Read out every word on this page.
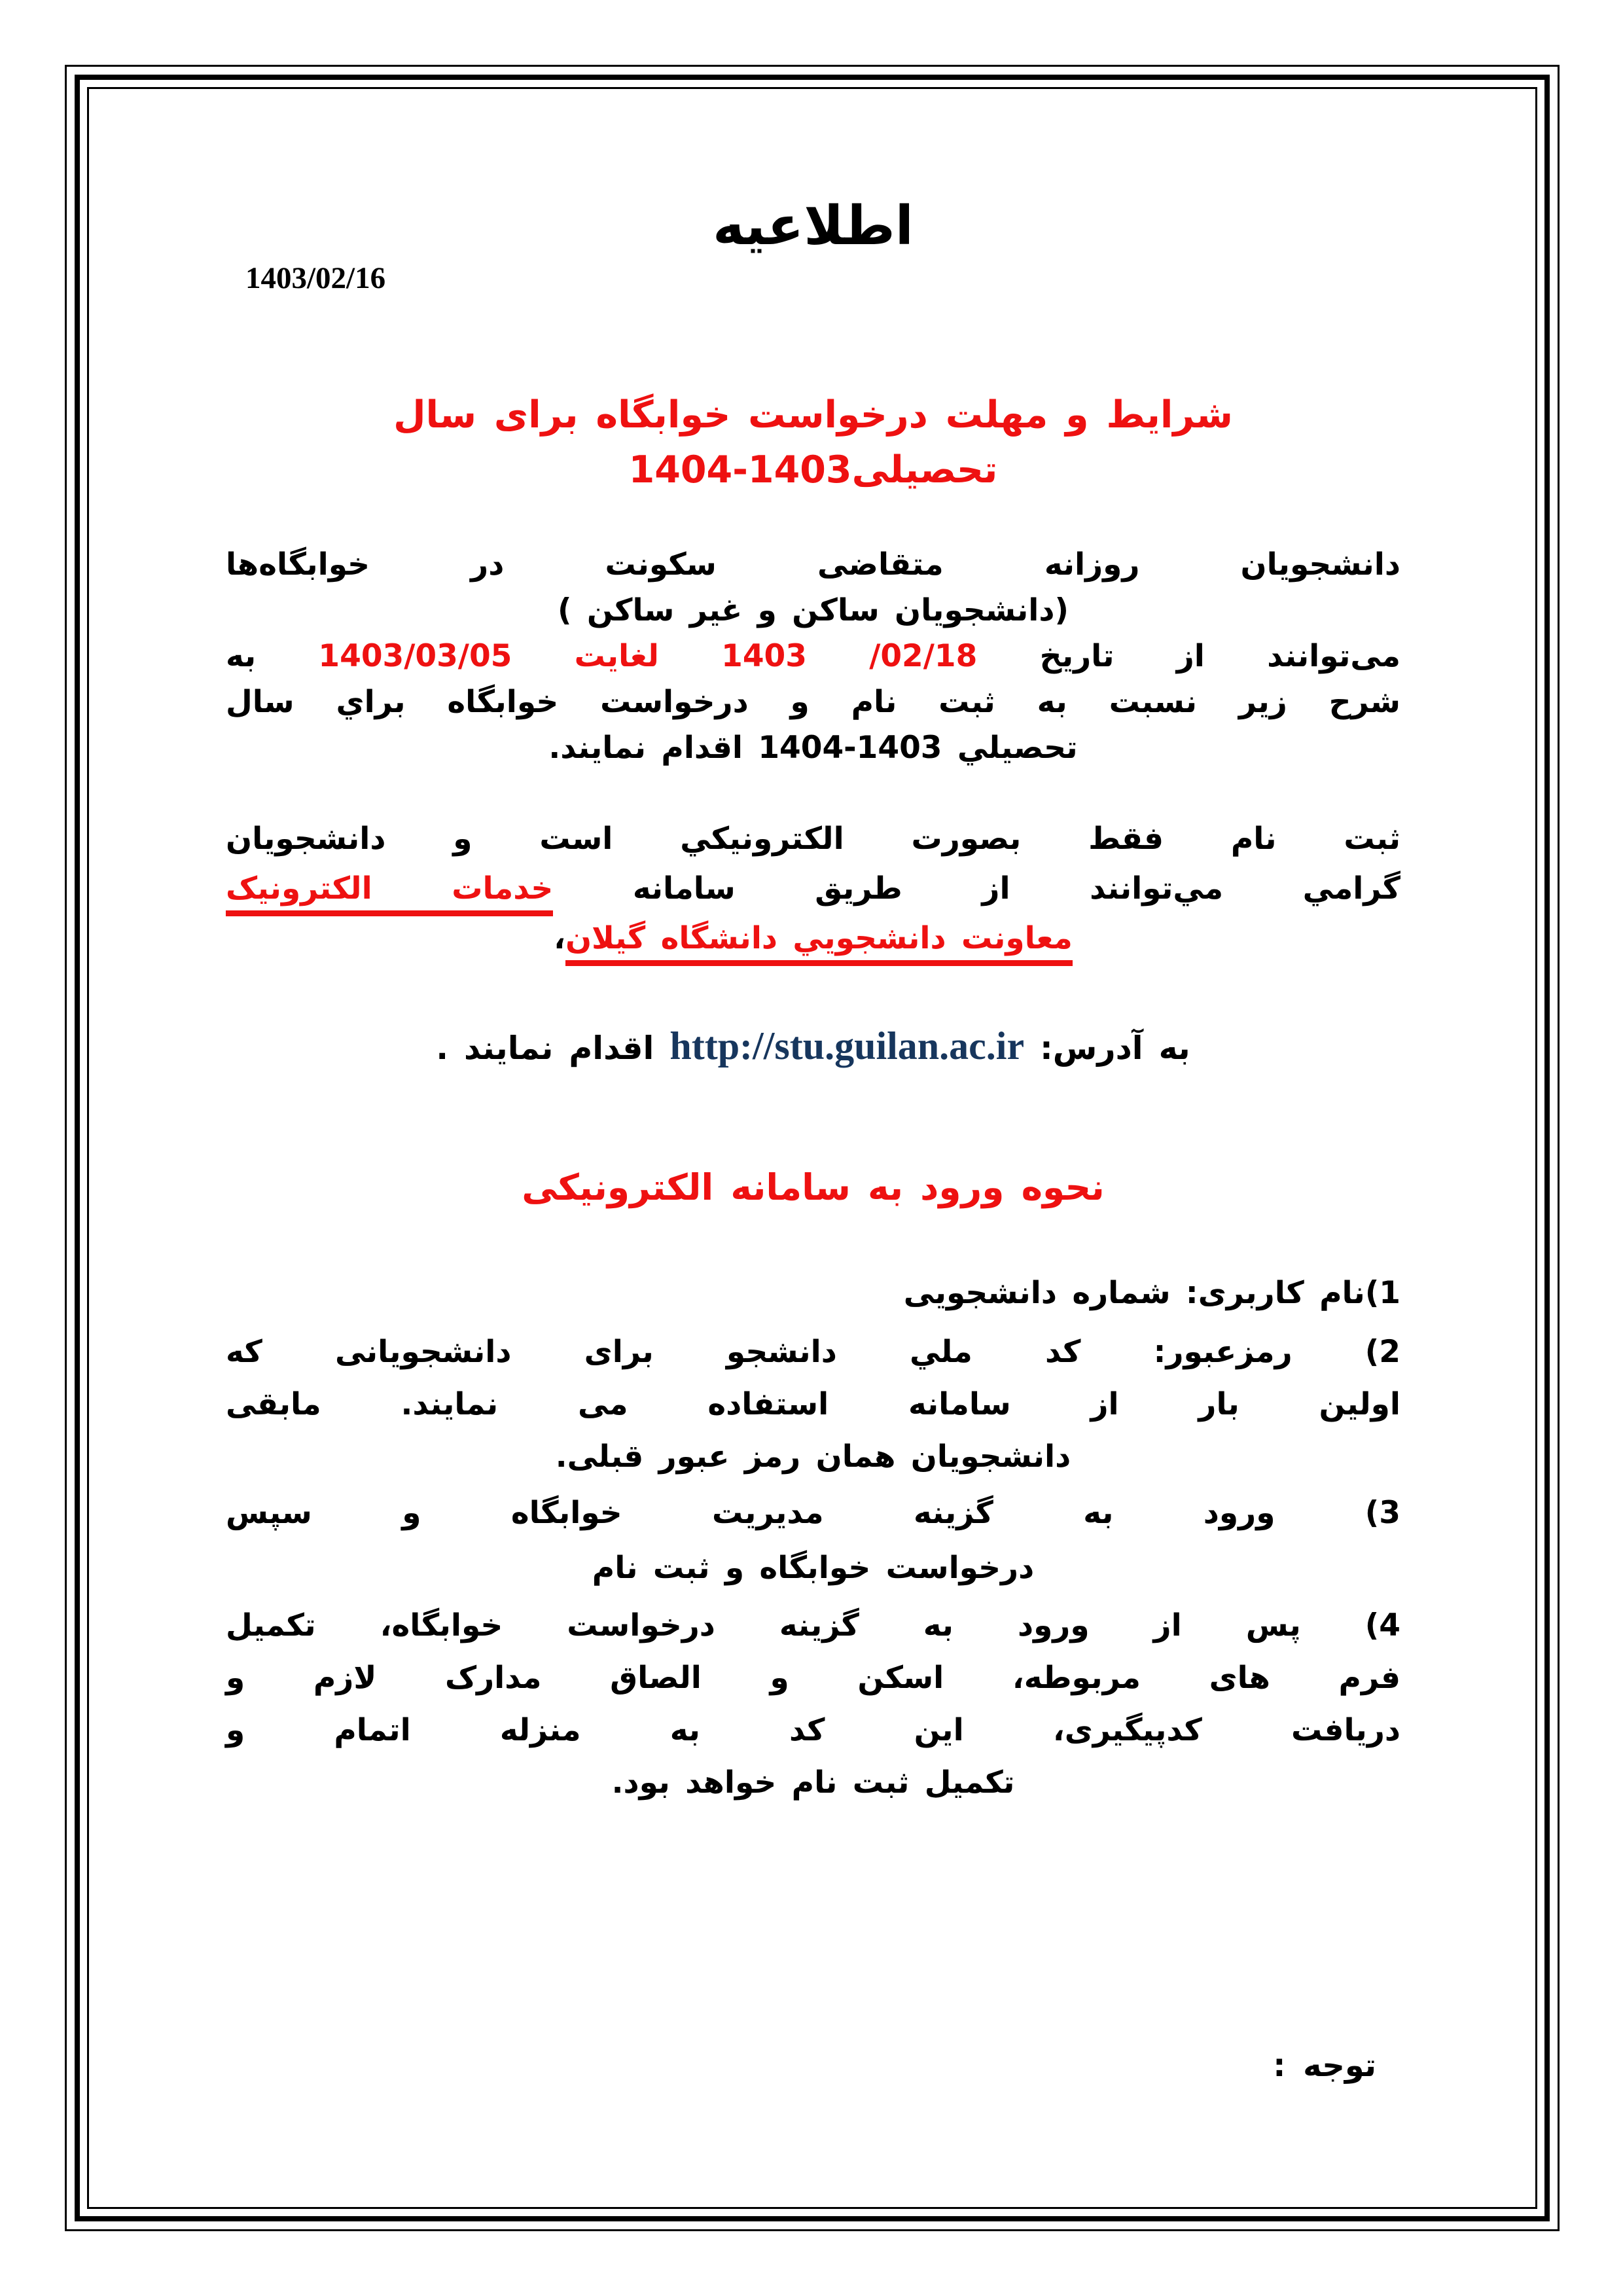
اطلاعیه
1403/02/16
شرایط و مهلت درخواست خوابگاه برای سال
تحصیلی1403-1404
دانشجویان روزانه متقاضی سکونت در خوابگاه‌ها
(دانشجویان ساکن و غیر ساکن )
می‌توانند از تاریخ 02/18/ 1403 لغایت 1403/03/05 به
شرح زیر نسبت به ثبت نام و درخواست خوابگاه براي سال
تحصیلي 1403-1404 اقدام نمایند.
ثبت نام فقط بصورت الکترونیکي است و دانشجویان
گرامي مي‌توانند از طریق سامانه خدمات الکترونیک
معاونت دانشجویي دانشگاه گیلان،
به آدرس: http://stu.guilan.ac.ir اقدام نمایند .
نحوه ورود به سامانه الکترونیکی
1)نام کاربری: شماره دانشجویی
2) رمزعبور: کد ملي دانشجو برای دانشجویانی که
اولین بار از سامانه استفاده می نمایند. مابقی
دانشجویان همان رمز عبور قبلی.
3) ورود به گزینه مدیریت خوابگاه و سپس
درخواست خوابگاه و ثبت نام
4) پس از ورود به گزینه درخواست خوابگاه، تکمیل
فرم های مربوطه، اسکن و الصاق مدارک لازم و
دریافت کدپیگیری، این کد به منزله اتمام و
تکمیل ثبت نام خواهد بود.
توجه :
